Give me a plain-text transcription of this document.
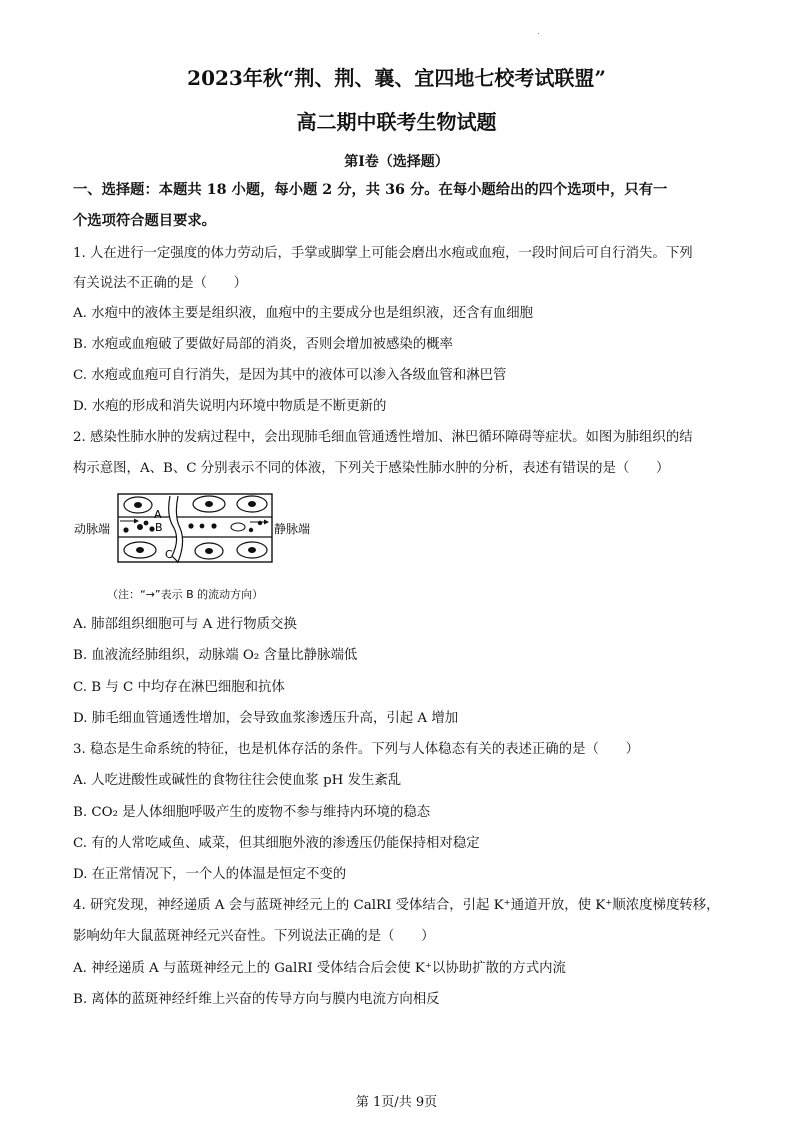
2023年秋“荆、荆、襄、宜四地七校考试联盟”
高二期中联考生物试题
第Ⅰ卷（选择题）
一、选择题：本题共 18 小题，每小题 2 分，共 36 分。在每小题给出的四个选项中，只有一
个选项符合题目要求。
1. 人在进行一定强度的体力劳动后，手掌或脚掌上可能会磨出水疱或血疱，一段时间后可自行消失。下列
有关说法不正确的是（　　）
A. 水疱中的液体主要是组织液，血疱中的主要成分也是组织液，还含有血细胞
B. 水疱或血疱破了要做好局部的消炎，否则会增加被感染的概率
C. 水疱或血疱可自行消失，是因为其中的液体可以渗入各级血管和淋巴管
D. 水疱的形成和消失说明内环境中物质是不断更新的
2. 感染性肺水肿的发病过程中，会出现肺毛细血管通透性增加、淋巴循环障碍等症状。如图为肺组织的结
构示意图，A、B、C 分别表示不同的体液，下列关于感染性肺水肿的分析，表述有错误的是（　　）
动脉端	静脉端
A
B
C
（注：“→”表示 B 的流动方向）
A. 肺部组织细胞可与 A 进行物质交换
B. 血液流经肺组织，动脉端 O₂ 含量比静脉端低
C. B 与 C 中均存在淋巴细胞和抗体
D. 肺毛细血管通透性增加，会导致血浆渗透压升高，引起 A 增加
3. 稳态是生命系统的特征，也是机体存活的条件。下列与人体稳态有关的表述正确的是（　　）
A. 人吃进酸性或碱性的食物往往会使血浆 pH 发生紊乱
B. CO₂ 是人体细胞呼吸产生的废物不参与维持内环境的稳态
C. 有的人常吃咸鱼、咸菜，但其细胞外液的渗透压仍能保持相对稳定
D. 在正常情况下，一个人的体温是恒定不变的
4. 研究发现，神经递质 A 会与蓝斑神经元上的 CalRI 受体结合，引起 K⁺通道开放，使 K⁺顺浓度梯度转移，
影响幼年大鼠蓝斑神经元兴奋性。下列说法正确的是（　　）
A. 神经递质 A 与蓝斑神经元上的 GalRI 受体结合后会使 K⁺以协助扩散的方式内流
B. 离体的蓝斑神经纤维上兴奋的传导方向与膜内电流方向相反
第 1页/共 9页
